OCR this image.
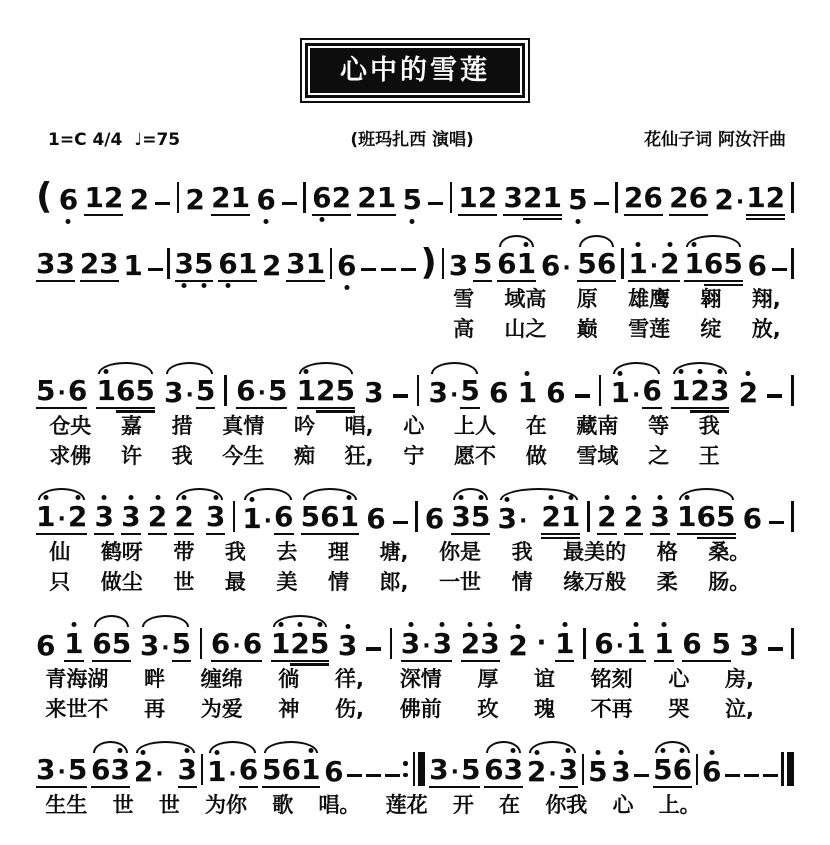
心中的雪莲
1=C 4/4 ♩=75	(班玛扎西 演唱)	花仙子词 阿汝汗曲
( 6 12 2 2 21 6 62 21 5 12 3 21 5 26 26 2· 12
33 23 1 35 61 2 31 6 ) 3 5 61 6· 56 1·2 1 65 6
雪 域高 原 雄鹰 翱 翔,
高 山之 巅 雪莲 绽 放,
5·6 1 65 3· 5 6·5 1 25 3 3· 5 6 1 6 1· 6 1 23 2
仓央 嘉 措 真情 吟 唱, 心 上人 在 藏南 等 我
求佛 许 我 今生 痴 狂, 宁 愿不 做 雪域 之 王
1·2 3 3 2 2 3 1· 6 561 6 6 35 3· 21 2 2 3 1 65 6
仙 鹤呀 带 我 去 理 塘, 你是 我 最美的 格 桑。
只 做尘 世 最 美 情 郎, 一世 情 缘万般 柔 肠。
6 1 65 3· 5 6·6 1 25 3 3·3 23 2 · 1 6·1 1 6 5 3
青海湖 畔 缠绵 徜 徉, 深情 厚 谊 铭刻 心 房,
来世不 再 为爱 神 伤, 佛前 玫 瑰 不再 哭 泣,
3·5 63 2· 3 1· 6 561 6	3·5 63 2· 3 5 3 56 6
生生 世 世 为你 歌 唱。 莲花 开 在 你我 心 上。
